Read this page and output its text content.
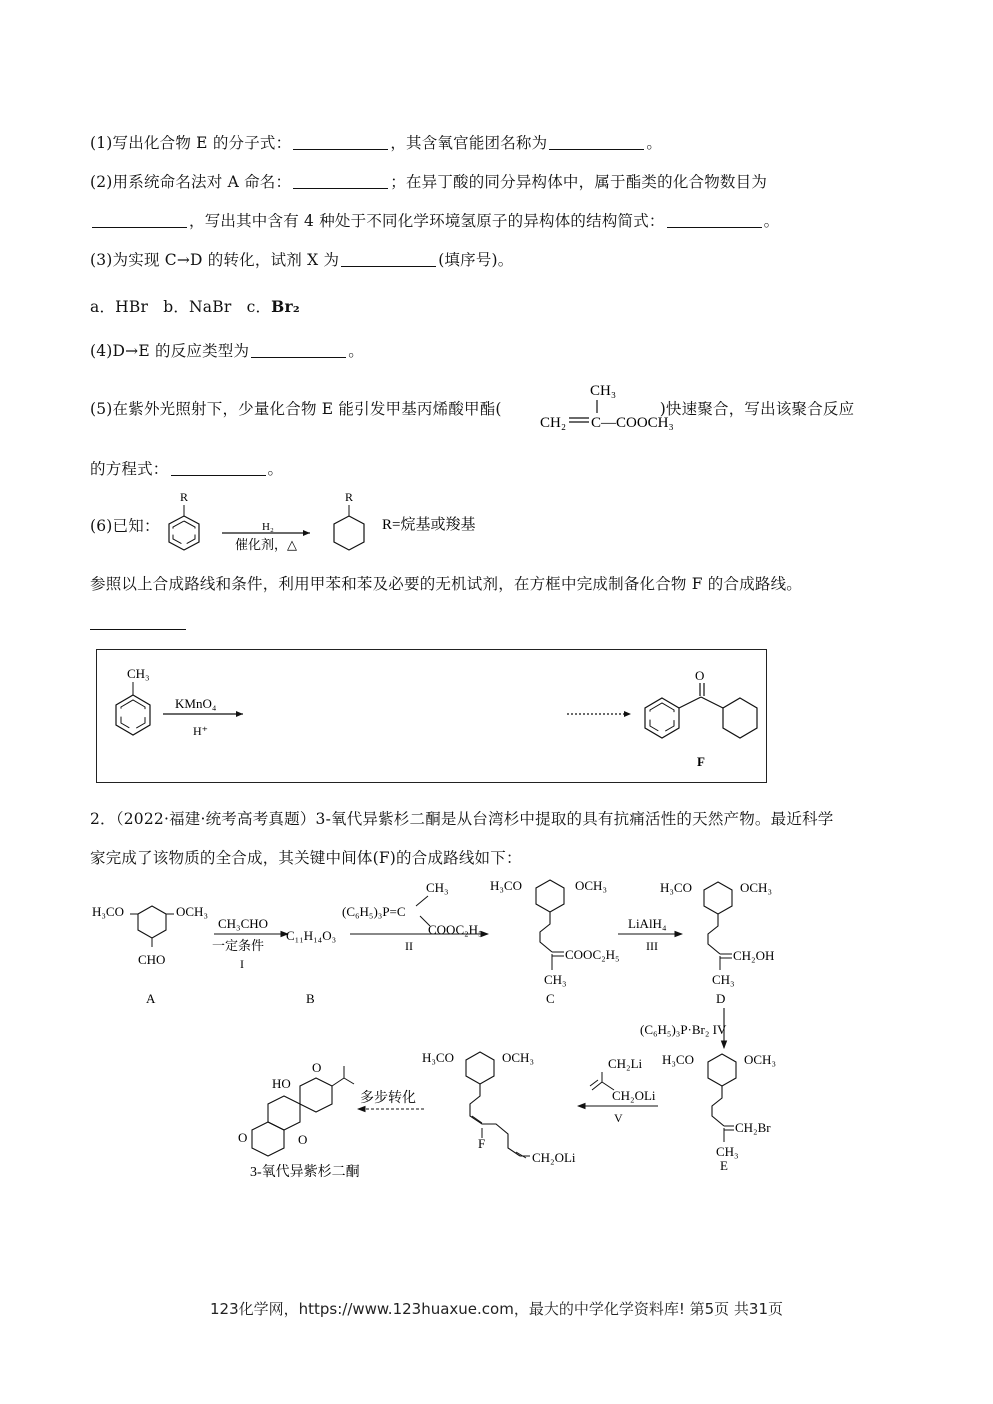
(1)写出化合物 E 的分子式：	，其含氧官能团名称为	。
(2)用系统命名法对 A 命名：	；在异丁酸的同分异构体中，属于酯类的化合物数目为
，写出其中含有 4 种处于不同化学环境氢原子的异构体的结构简式：	。
(3)为实现 C→D 的转化，试剂 X 为	(填序号)。
a．HBr b．NaBr c．Br₂
(4)D→E 的反应类型为	。
(5)在紫外光照射下，少量化合物 E 能引发甲基丙烯酸甲酯(	)快速聚合，写出该聚合反应
CH₃
CH₂ C—COOCH₃
的方程式：	。
(6)已知：
R
H₂
催化剂，△
R
R=烷基或羧基
参照以上合成路线和条件，利用甲苯和苯及必要的无机试剂，在方框中完成制备化合物 F 的合成路线。
CH₃
KMnO₄
H⁺
O
F
2．（2022·福建·统考高考真题）3-氧代异紫杉二酮是从台湾杉中提取的具有抗痛活性的天然产物。最近科学
家完成了该物质的全合成，其关键中间体(F)的合成路线如下：
H₃CO	OCH₃
CHO
A
CH₃CHO
一定条件
I
C₁₁H₁₄O₃
B
(C₆H₅)₃P=C
CH₃
COOC₂H₅
II
H₃CO	OCH₃
COOC₂H₅
CH₃
C
LiAlH₄
III
H₃CO	OCH₃
CH₂OH
CH₃
D
(C₆H₅)₃P·Br₂ IV
H₃CO	OCH₃
CH₂Br
CH₃
E
CH₂Li
CH₂OLi
V
H₃CO	OCH₃
F
CH₂OLi
多步转化
HO
O
O	O
3-氧代异紫杉二酮
123化学网，https://www.123huaxue.com，最大的中学化学资料库! 第5页 共31页
